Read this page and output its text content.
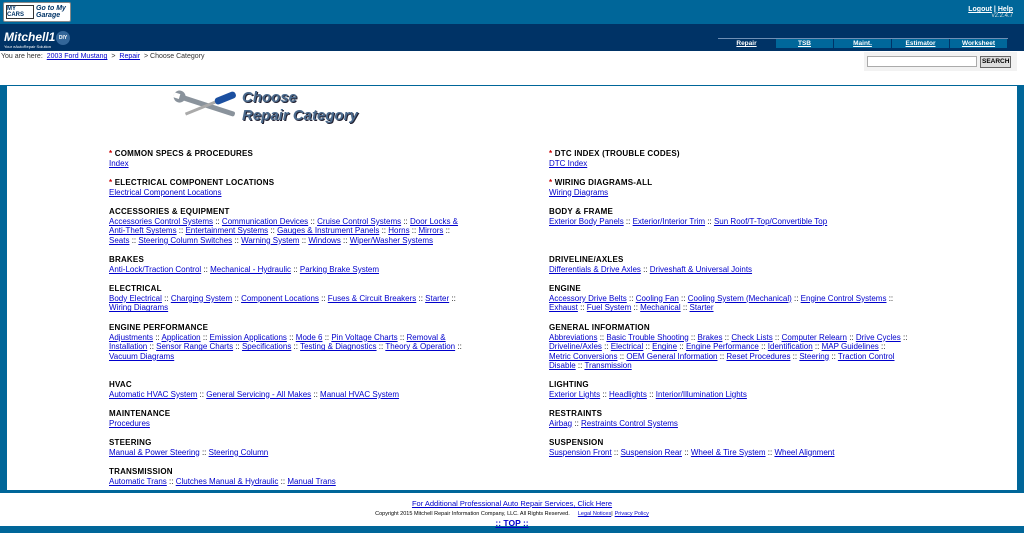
MY CARS
Go to My Garage
Logout | Help
v2.2.4.7
Mitchell1
Your eAutoRepair Solution
DIY
Repair	TSB	Maint.	Estimator	Worksheet
You are here: 2003 Ford Mustang > Repair > Choose Category
SEARCH
Choose
Repair Category
* COMMON SPECS & PROCEDURES
Index
* ELECTRICAL COMPONENT LOCATIONS
Electrical Component Locations
ACCESSORIES & EQUIPMENT
Accessories Control Systems :: Communication Devices :: Cruise Control Systems :: Door Locks & Anti-Theft Systems :: Entertainment Systems :: Gauges & Instrument Panels :: Horns :: Mirrors :: Seats :: Steering Column Switches :: Warning System :: Windows :: Wiper/Washer Systems
BRAKES
Anti-Lock/Traction Control :: Mechanical - Hydraulic :: Parking Brake System
ELECTRICAL
Body Electrical :: Charging System :: Component Locations :: Fuses & Circuit Breakers :: Starter :: Wiring Diagrams
ENGINE PERFORMANCE
Adjustments :: Application :: Emission Applications :: Mode 6 :: Pin Voltage Charts :: Removal & Installation :: Sensor Range Charts :: Specifications :: Testing & Diagnostics :: Theory & Operation :: Vacuum Diagrams
HVAC
Automatic HVAC System :: General Servicing - All Makes :: Manual HVAC System
MAINTENANCE
Procedures
STEERING
Manual & Power Steering :: Steering Column
TRANSMISSION
Automatic Trans :: Clutches Manual & Hydraulic :: Manual Trans
* DTC INDEX (TROUBLE CODES)
DTC Index
* WIRING DIAGRAMS-ALL
Wiring Diagrams
BODY & FRAME
Exterior Body Panels :: Exterior/Interior Trim :: Sun Roof/T-Top/Convertible Top
DRIVELINE/AXLES
Differentials & Drive Axles :: Driveshaft & Universal Joints
ENGINE
Accessory Drive Belts :: Cooling Fan :: Cooling System (Mechanical) :: Engine Control Systems :: Exhaust :: Fuel System :: Mechanical :: Starter
GENERAL INFORMATION
Abbreviations :: Basic Trouble Shooting :: Brakes :: Check Lists :: Computer Relearn :: Drive Cycles :: Driveline/Axles :: Electrical :: Engine :: Engine Performance :: Identification :: MAP Guidelines :: Metric Conversions :: OEM General Information :: Reset Procedures :: Steering :: Traction Control Disable :: Transmission
LIGHTING
Exterior Lights :: Headlights :: Interior/Illumination Lights
RESTRAINTS
Airbag :: Restraints Control Systems
SUSPENSION
Suspension Front :: Suspension Rear :: Wheel & Tire System :: Wheel Alignment
For Additional Professional Auto Repair Services, Click Here
Copyright 2015 Mitchell Repair Information Company, LLC. All Rights Reserved. Legal Notices| Privacy Policy
:: TOP ::
